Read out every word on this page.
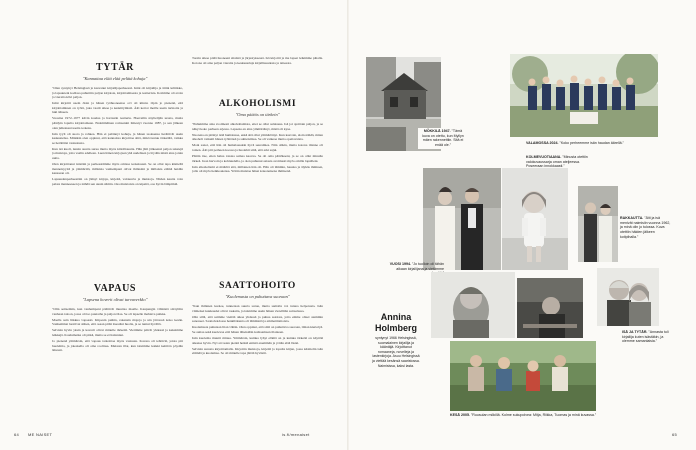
TYTÄR
"Kannattaa elää elää pelätä kohuja"

"Olen syntynyt Helsingissä ja kasvanut kirjailijaperheessä. Isäni oli kirjailija ja äitini kriitikko, ja lapsuuteni kodissa puhuttiin paljon kirjoista, kirjoittamisesta ja teatterista. Kotimme oli avoin ja vieraita kävi paljon.

Isäni kirjoitti usein öisin ja hänen työhuoneensa ovi oli kiinni. Opin jo pienenä, että kirjoittaminen on työtä, joka vaatii aikaa ja keskittymistä. Äiti kertoi meille usein tarinoita ja luki ääneen.

Vuosina 1972–1977 kävin koulua ja harrastin teatteria. Haaveilin näyttelijän urasta, mutta päädyin lopulta kirjoittamaan. Ensimmäinen romaanini ilmestyi vuonna 1987, ja sen jälkeen olen julkaissut useita teoksia.

Isän tyyli oli suora ja rohkea. Hän ei pelännyt kohuja, ja hänen teoksensa herättivät usein keskustelua. Minäkin olen oppinut, että kannattaa kirjoittaa siitä, mikä tuntuu tärkeältä, vaikka se herättäisi vastustusta.

Kun isä kuoli, tunsin suurta surua mutta myös kiitollisuutta. Hän jätti jälkeensä paljon tekstejä ja muistoja, joita vaalin edelleen. Luen hänen kirjojaan yhä uudelleen ja löydän niistä aina jotain uutta.

Olen kirjoittanut isästäni ja perheestämme myös omissa teoksissani. Se on ollut tapa käsitellä menneisyyttä ja ymmärtää, millaisia vanhempani olivat ihmisinä ja millaista elämä heidän kanssaan oli.

Lapsuudenperheestäni on jäänyt kirjoja, kirjeitä, valokuvia ja muistoja. Niiden kautta voin palata menneeseen ja nähdä sen uusin silmin. Osa muistoista on kipeitä, osa hyvin lämpimiä.

VAPAUS
"Lapsena koverit olivat turvaverkko"

"Olin seitsemän, kun vanhempani päättivät muuttaa maalle. Kaupungin vilinästä siirryttiin vanhaan taloon, jossa oli iso puutarha ja paljon tilaa. Se oli lapselle mahtava paikka.

Maalla sain liikkua vapaasti. Kiipesin puihin, rakensin majoja ja uin järvessä koko kesän. Vanhemmat luottivat siihen, että osaan pitää itsestäni huolta, ja se tuntui hyvältä.

Selvisin hyvin yksin ja kaverit olivat minulle tärkeitä. Vietimme päivät yhdessä ja keksimme leikkejä. Koulumatka oli pitkä, mutta se ei haitannut.

Jo pienenä ymmärsin, että vapaus tarkoittaa myös vastuuta. Kotona oli tehtäviä, joista piti huolehtia, ja jokaisella oli oma roolinsa. Muistan illat, kun istuimme kaikki keittiön pöydän ääressä.

Tuotin aikaa pitää huoneeni siistinä ja järjestyksessä. Isä kirjoitti ja me lapset leikimme pihalla. Kotona oli aina paljon vieraita ja keskusteluja kirjallisuudesta ja taiteesta.

ALKOHOLISMI
"Oma päätös on tärkein"

"Puhuimme aina avoimesti alkoholismista, ettei se ollut salaisuus. Isä joi ajoittain paljon, ja se näkyi koko perheen arjessa. Lapsena en aina ymmärtänyt, mistä oli kyse.

Nuorena en pitänyt isää humalassa, enkä sitä ollut ymmärtänyt. Kun kasvoin, aloin nähdä, miten alkoholi vaikutti hänen työhönsä ja suhteisiinsa. Se oli vaikeaa mutta opettavaista.

Moni sanoi, että hän oli humalassakin hyvä seuramies. Niin olikin, mutta kotona tilanne oli toinen. Äiti piti perheen koossa ja huolehti siitä, että arki sujui.

Päätin itse, etten halua toistaa samaa kaavaa. Se oli oma päätökseni, ja se on ollut minulle tärkeä. Juon harvoin ja kohtuudella, ja olen puhunut asiasta avoimesti myös omille lapsilleni.

Isän alkoholismi ei määritä sitä, millainen hän oli. Hän oli lämmin, hauska ja älykäs ihminen, jolla oli myös heikkoutensa. Yritän muistaa hänet kokonaisena ihmisenä.

SAATTOHOITO
"Kuolemasta on puhuttava suoraan"

"Kun ihminen kuolee, tunnetaan suurta surua, mutta samalla voi tuntea helpotusta. Isän viimeiset kuukaudet olivat raskaita, ja istuimme usein hänen vierellään sairaalassa.

Olin sillä, että saimme viettää aikaa yhdessä ja puhua asioista, joita emme olleet aiemmin sanoneet. Saattohoidossa henkilökunta oli lämmintä ja ammattitaitoista.

Kuolemasta puhutaan liian vähän. Olen oppinut, että siitä on puhuttava suoraan, ilman kiertelyä. Se auttaa sekä kuolevaa että hänen läheisiään kohtaamaan tilanteen.

Isän kuolema muutti minua. Ymmärsin, kuinka lyhyt elämä on ja kuinka tärkeää on käyttää aikansa hyvin. Nyt arvostan pieniä hetkiä entistä enemmän ja yritän elää läsnä.

Selvisin surusta kirjoittamalla. Kirjoitin muistoja, kirjeitä ja lopulta kirjan, jossa käsittelin isän elämää ja kuolemaa. Se oli minulle tapa jättää hyvästit.

64 ME NAISET	is.fi/menaiset
MÖKKILÄ 1947. "Tämä kuva on otettu, kun Myllyn mäen rakennettiin. Sitä ei enää ole."
VALAMOSSA 2024. "Koko perheemme isän haudan äärellä."
KOLMEVUOTIAANA. "Minusta otettiin valokuvaussarja oman ateljeessa. Poseeraan innokkaasti."
VUOSI 1994. "Jo tuolloin oli tähän aikaan kirjailijana ja vietämme
RAKKAUTTA. "Äiti ja isä menivät naimisiin vuonna 1962, ja minä olin jo tulossa. Kuva otettiin häiden jälkeen kotipihalla."
Annina
Holmberg
syntynyt 1966 Helsingissä, suomalainen kirjailija ja kääntäjä. Kirjoittanut romaaneja, novelleja ja lastenkirjoja. Asuu Helsingissä ja viettää kesänsä saaristossa. Naimisissa, kaksi lasta.
ISÄ JA TYTÄR. "Annasta tuli kirjailija kuten isästäkin, ja olemme samanlaisia."
KESÄ 2005. "Ruusulan mökillä. Kolme sukupolvea: Mitja, Riikka, Tuomas ja minä kuvassa."
65
